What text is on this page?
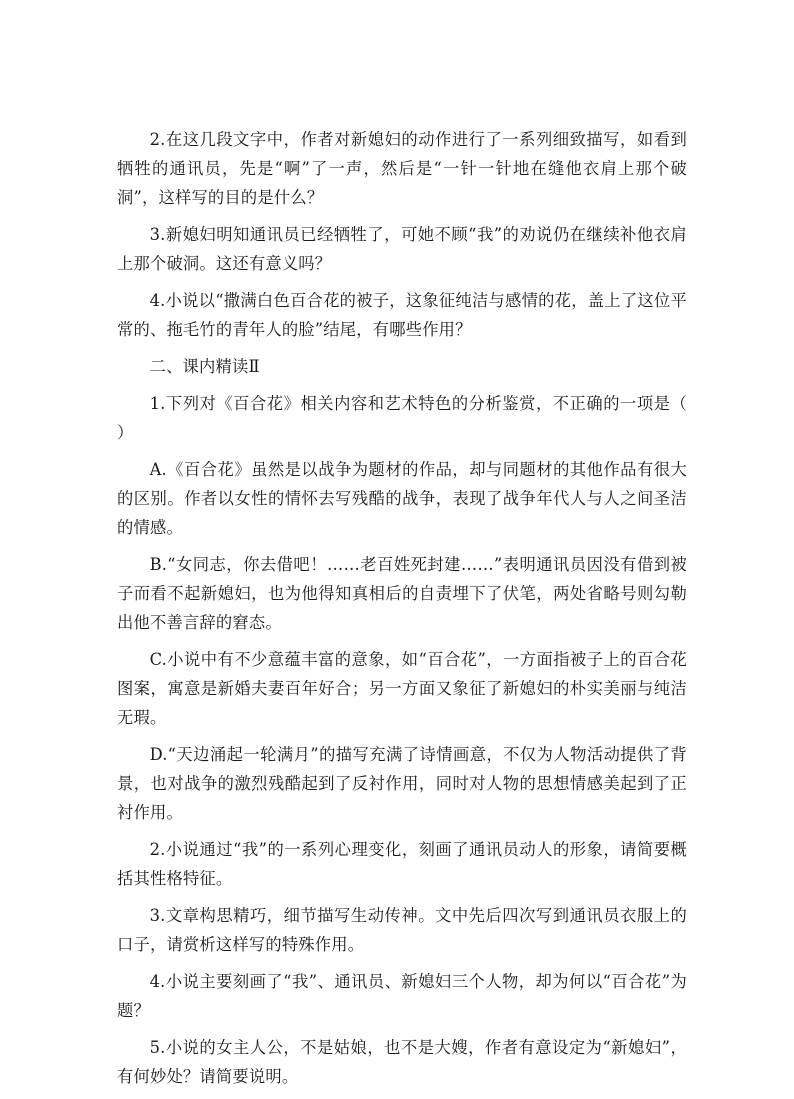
2.在这几段文字中，作者对新媳妇的动作进行了一系列细致描写，如看到牺牲的通讯员，先是“啊”了一声，然后是“一针一针地在缝他衣肩上那个破洞”，这样写的目的是什么？

3.新媳妇明知通讯员已经牺牲了，可她不顾“我”的劝说仍在继续补他衣肩上那个破洞。这还有意义吗？

4.小说以“撒满白色百合花的被子，这象征纯洁与感情的花，盖上了这位平常的、拖毛竹的青年人的脸”结尾，有哪些作用？

二、课内精读Ⅱ

1.下列对《百合花》相关内容和艺术特色的分析鉴赏，不正确的一项是（　　）

A.《百合花》虽然是以战争为题材的作品，却与同题材的其他作品有很大的区别。作者以女性的情怀去写残酷的战争，表现了战争年代人与人之间圣洁的情感。

B.“女同志，你去借吧！……老百姓死封建……”表明通讯员因没有借到被子而看不起新媳妇，也为他得知真相后的自责埋下了伏笔，两处省略号则勾勒出他不善言辞的窘态。

C.小说中有不少意蕴丰富的意象，如“百合花”，一方面指被子上的百合花图案，寓意是新婚夫妻百年好合；另一方面又象征了新媳妇的朴实美丽与纯洁无瑕。

D.“天边涌起一轮满月”的描写充满了诗情画意，不仅为人物活动提供了背景，也对战争的激烈残酷起到了反衬作用，同时对人物的思想情感美起到了正衬作用。

2.小说通过“我”的一系列心理变化，刻画了通讯员动人的形象，请简要概括其性格特征。

3.文章构思精巧，细节描写生动传神。文中先后四次写到通讯员衣服上的口子，请赏析这样写的特殊作用。

4.小说主要刻画了“我”、通讯员、新媳妇三个人物，却为何以“百合花”为题？

5.小说的女主人公，不是姑娘，也不是大嫂，作者有意设定为“新媳妇”，有何妙处？请简要说明。
